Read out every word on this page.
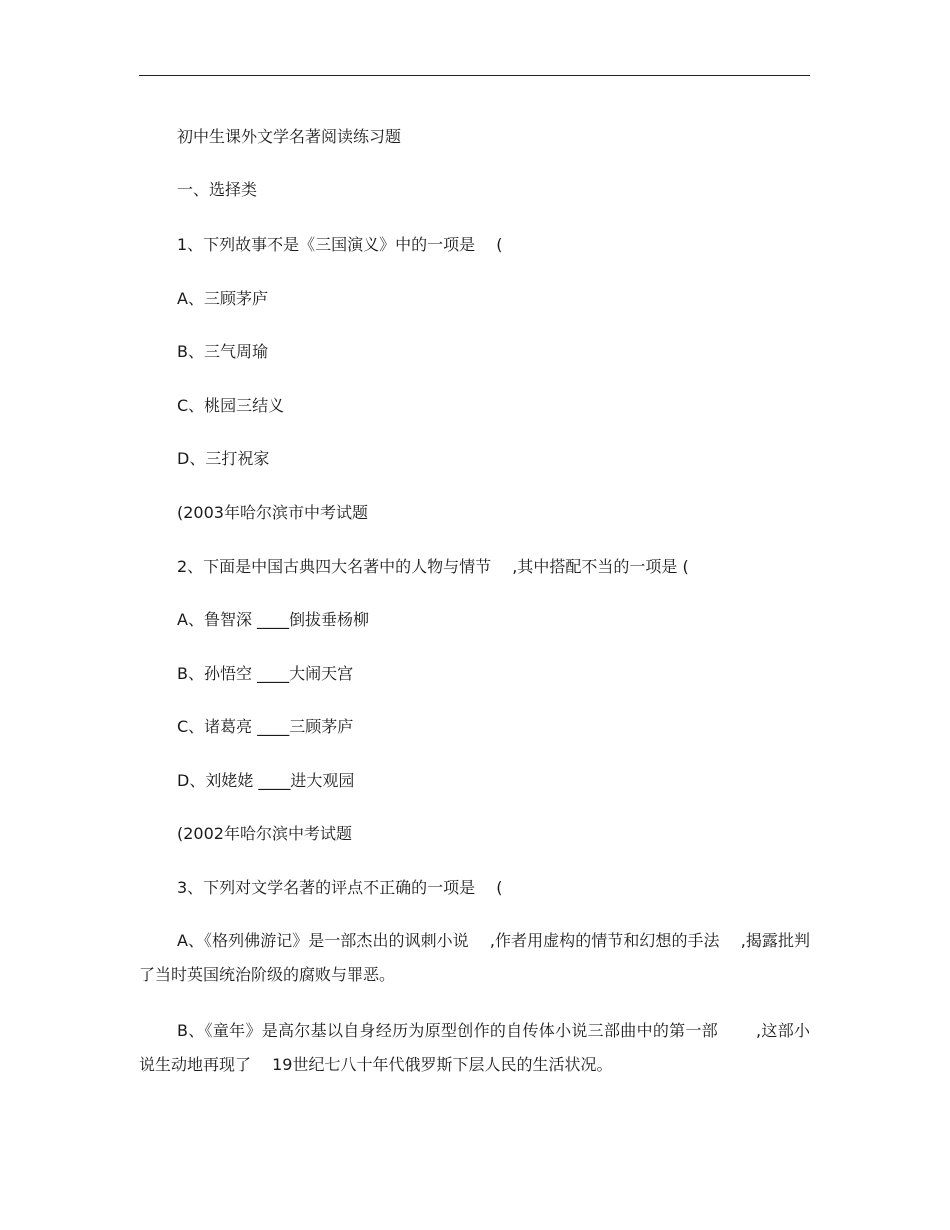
初中生课外文学名著阅读练习题
一、选择类
1、下列故事不是《三国演义》中的一项是　 (
A、三顾茅庐
B、三气周瑜
C、桃园三结义
D、三打祝家
(2003年哈尔滨市中考试题
2、下面是中国古典四大名著中的人物与情节　 ,其中搭配不当的一项是 (
A、鲁智深 ____倒拔垂杨柳
B、孙悟空 ____大闹天宫
C、诸葛亮 ____三顾茅庐
D、刘姥姥 ____进大观园
(2002年哈尔滨中考试题
3、下列对文学名著的评点不正确的一项是　 (

A、《格列佛游记》是一部杰出的讽刺小说　 ,作者用虚构的情节和幻想的手法　 ,揭露批判了当时英国统治阶级的腐败与罪恶。

B、《童年》是高尔基以自身经历为原型创作的自传体小说三部曲中的第一部　　 ,这部小说生动地再现了　 19世纪七八十年代俄罗斯下层人民的生活状况。
